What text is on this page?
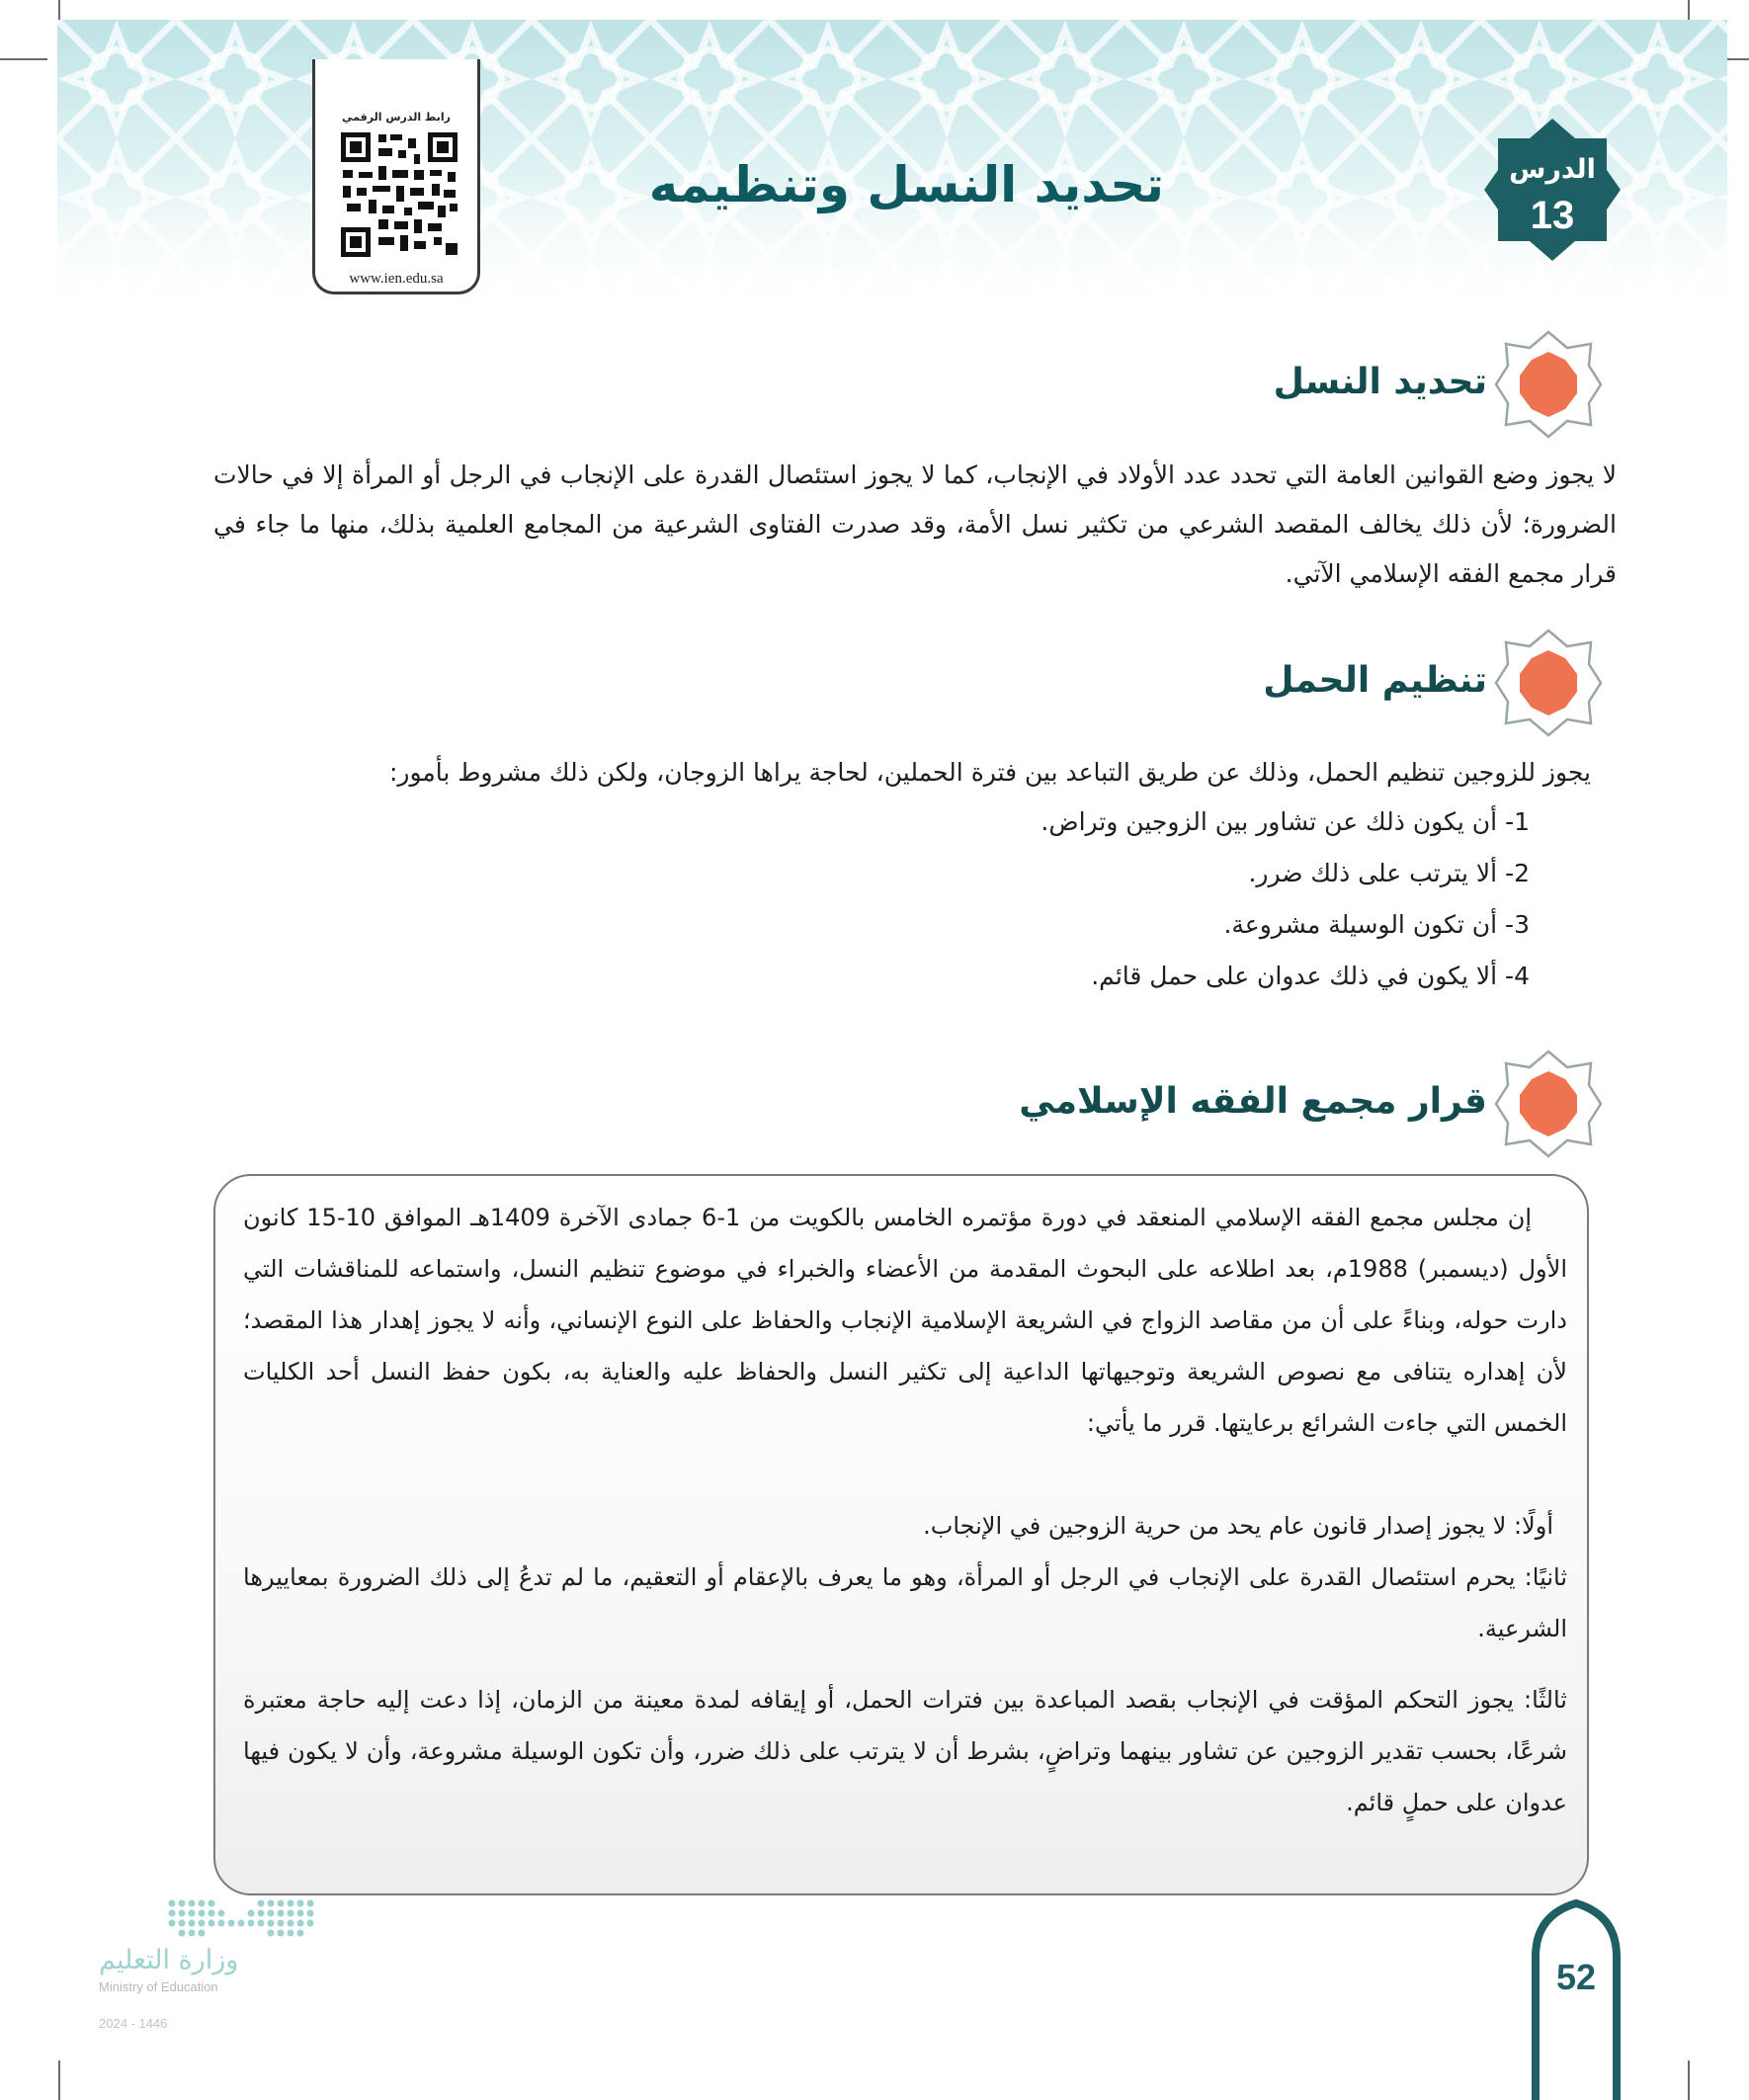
رابط الدرس الرقمي
www.ien.edu.sa
الدرس
13
تحديد النسل وتنظيمه
تحديد النسل
لا يجوز وضع القوانين العامة التي تحدد عدد الأولاد في الإنجاب، كما لا يجوز استئصال القدرة على الإنجاب في الرجل أو المرأة إلا في حالات الضرورة؛ لأن ذلك يخالف المقصد الشرعي من تكثير نسل الأمة، وقد صدرت الفتاوى الشرعية من المجامع العلمية بذلك، منها ما جاء في قرار مجمع الفقه الإسلامي الآتي.
تنظيم الحمل
يجوز للزوجين تنظيم الحمل، وذلك عن طريق التباعد بين فترة الحملين، لحاجة يراها الزوجان، ولكن ذلك مشروط بأمور:
1- أن يكون ذلك عن تشاور بين الزوجين وتراض.
2- ألا يترتب على ذلك ضرر.
3- أن تكون الوسيلة مشروعة.
4- ألا يكون في ذلك عدوان على حمل قائم.
قرار مجمع الفقه الإسلامي
إن مجلس مجمع الفقه الإسلامي المنعقد في دورة مؤتمره الخامس بالكويت من 1-6 جمادى الآخرة 1409هـ الموافق 10-15 كانون الأول (ديسمبر) 1988م، بعد اطلاعه على البحوث المقدمة من الأعضاء والخبراء في موضوع تنظيم النسل، واستماعه للمناقشات التي دارت حوله، وبناءً على أن من مقاصد الزواج في الشريعة الإسلامية الإنجاب والحفاظ على النوع الإنساني، وأنه لا يجوز إهدار هذا المقصد؛ لأن إهداره يتنافى مع نصوص الشريعة وتوجيهاتها الداعية إلى تكثير النسل والحفاظ عليه والعناية به، بكون حفظ النسل أحد الكليات الخمس التي جاءت الشرائع برعايتها. قرر ما يأتي:
أولًا: لا يجوز إصدار قانون عام يحد من حرية الزوجين في الإنجاب.
ثانيًا: يحرم استئصال القدرة على الإنجاب في الرجل أو المرأة، وهو ما يعرف بالإعقام أو التعقيم، ما لم تدعُ إلى ذلك الضرورة بمعاييرها الشرعية.
ثالثًا: يجوز التحكم المؤقت في الإنجاب بقصد المباعدة بين فترات الحمل، أو إيقافه لمدة معينة من الزمان، إذا دعت إليه حاجة معتبرة شرعًا، بحسب تقدير الزوجين عن تشاور بينهما وتراضٍ، بشرط أن لا يترتب على ذلك ضرر، وأن تكون الوسيلة مشروعة، وأن لا يكون فيها عدوان على حملٍ قائم.
52
وزارة التعليم
Ministry of Education
2024 - 1446
